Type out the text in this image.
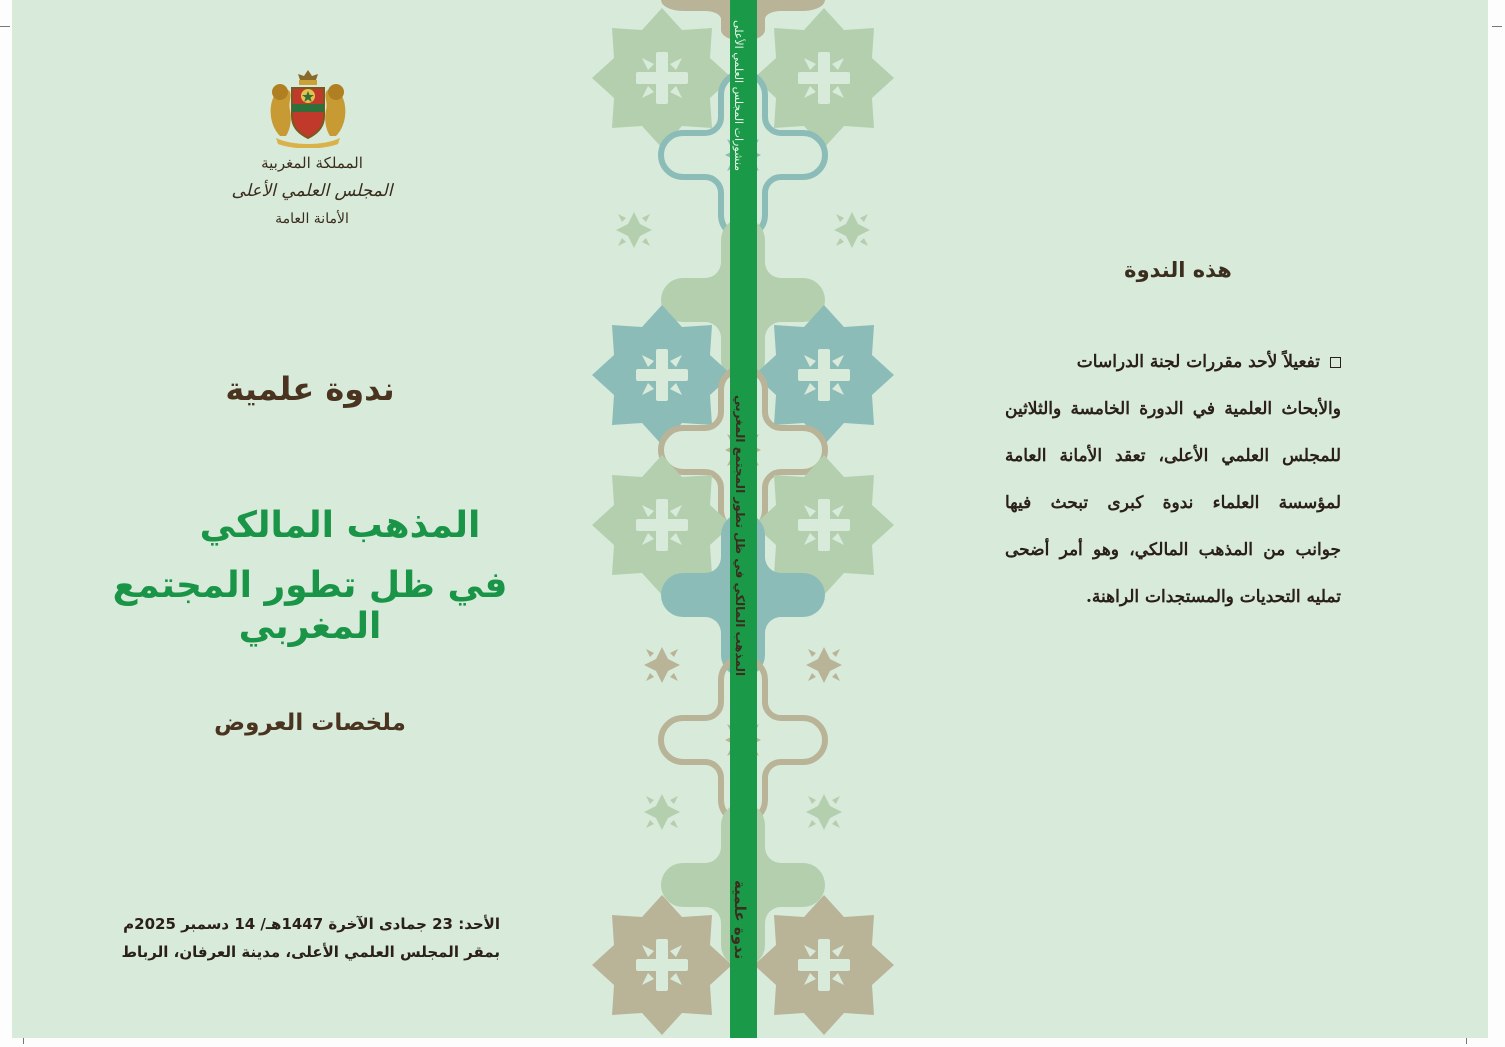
منشورات المجلس العلمي الأعلى
المذهب المالكي في ظل تطور المجتمع المغربي
ندوة علمية
المملكة المغربية
المجلس العلمي الأعلى
الأمانة العامة
ندوة علمية
المذهب المالكي
في ظل تطور المجتمع المغربي
ملخصات العروض
الأحد: 23 جمادى الآخرة 1447هـ/ 14 دسمبر 2025م
بمقر المجلس العلمي الأعلى، مدينة العرفان، الرباط
هذه الندوة
تفعيلاً لأحد مقررات لجنة الدراسات
والأبحاث العلمية في الدورة الخامسة والثلاثين
للمجلس العلمي الأعلى، تعقد الأمانة العامة
لمؤسسة العلماء ندوة كبرى تبحث فيها
جوانب من المذهب المالكي، وهو أمر أضحى
تمليه التحديات والمستجدات الراهنة.
